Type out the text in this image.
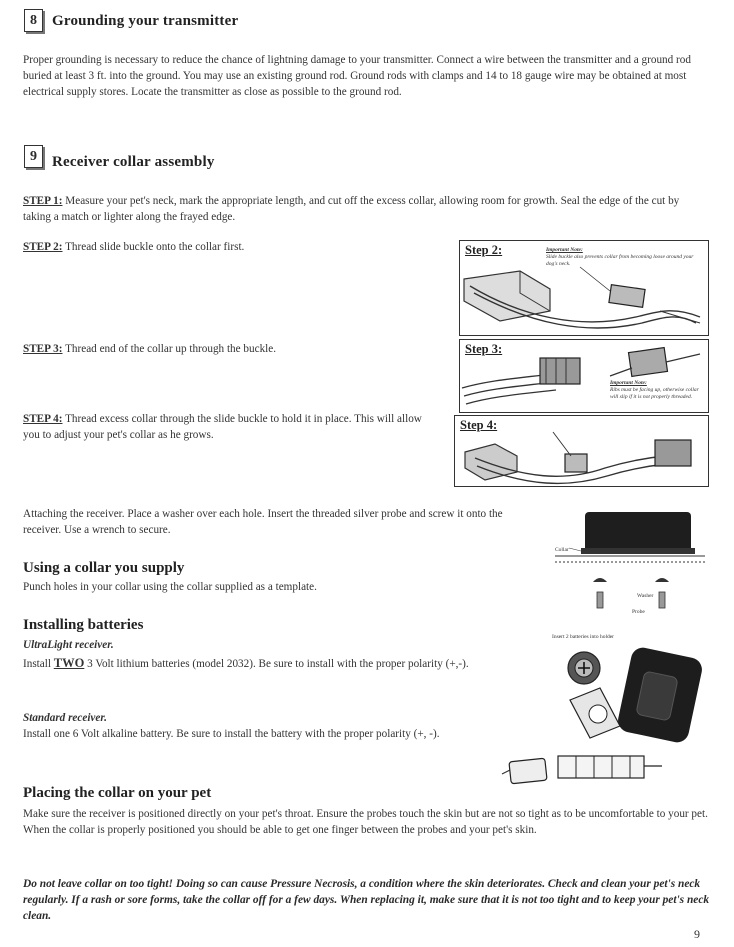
8	Grounding your transmitter
Proper grounding is necessary to reduce the chance of lightning damage to your transmitter. Connect a wire between the transmitter and a ground rod buried at least 3 ft. into the ground. You may use an existing ground rod. Ground rods with clamps and 14 to 18 gauge wire may be obtained at most electrical supply stores. Locate the transmitter as close as possible to the ground rod.
9	Receiver collar assembly
STEP 1: Measure your pet's neck, mark the appropriate length, and cut off the excess collar, allowing room for growth. Seal the edge of the cut by taking a match or lighter along the frayed edge.
STEP 2: Thread slide buckle onto the collar first.
STEP 3: Thread end of the collar up through the buckle.
STEP 4: Thread excess collar through the slide buckle to hold it in place. This will allow you to adjust your pet's collar as he grows.
Step 2:	Important Note:
Slide buckle also prevents collar from becoming loose around your dog's neck.
Step 3:
Important Note:
Ribs must be facing up, otherwise collar will slip if it is not properly threaded.
Step 4:
Attaching the receiver. Place a washer over each hole. Insert the threaded silver probe and screw it onto the receiver. Use a wrench to secure.
Collar
Washer
Probe
Using a collar you supply
Punch holes in your collar using the collar supplied as a template.
Installing batteries
UltraLight receiver.
Install TWO 3 Volt lithium batteries (model 2032). Be sure to install with the proper polarity (+,-).
Standard receiver.
Install one 6 Volt alkaline battery. Be sure to install the battery with the proper polarity (+, -).
Insert 2 batteries into holder
Placing the collar on your pet
Make sure the receiver is positioned directly on your pet's throat. Ensure the probes touch the skin but are not so tight as to be uncomfortable to your pet. When the collar is properly positioned you should be able to get one finger between the probes and your pet's skin.
Do not leave collar on too tight! Doing so can cause Pressure Necrosis, a condition where the skin deteriorates. Check and clean your pet's neck regularly. If a rash or sore forms, take the collar off for a few days. When replacing it, make sure that it is not too tight and to keep your pet's neck clean.
9
